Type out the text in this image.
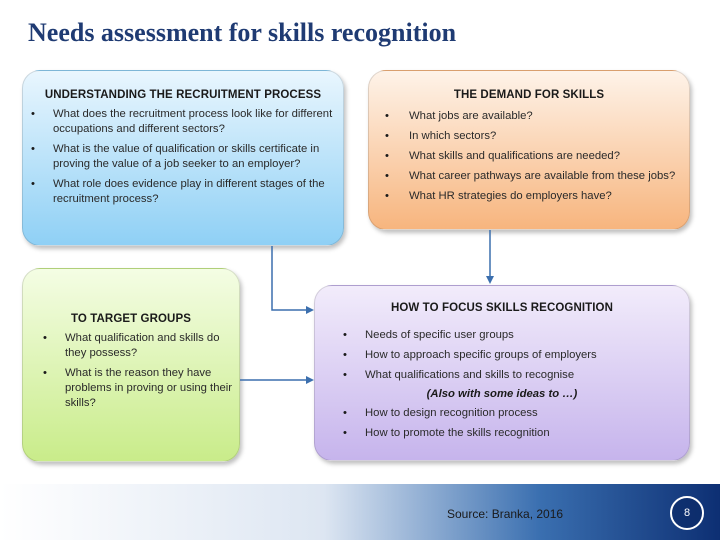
Needs assessment for skills recognition
UNDERSTANDING THE RECRUITMENT PROCESS
• What does the recruitment process look like for different occupations and different sectors?
• What is the value of qualification or skills certificate in proving the value of a job seeker to an employer?
• What role does evidence play in different stages of the recruitment process?
THE DEMAND FOR SKILLS
• What jobs are available?
• In which sectors?
• What skills and qualifications are needed?
• What career pathways are available from these jobs?
• What HR strategies do employers have?
TO TARGET GROUPS
• What qualification and skills do they possess?
• What is the reason they have problems in proving or using their skills?
HOW TO FOCUS SKILLS RECOGNITION
• Needs of specific user groups
• How to approach specific groups of employers
• What qualifications and skills to recognise
(Also with some ideas to …)
• How to design recognition process
• How to promote the skills recognition
Source: Branka, 2016	8
